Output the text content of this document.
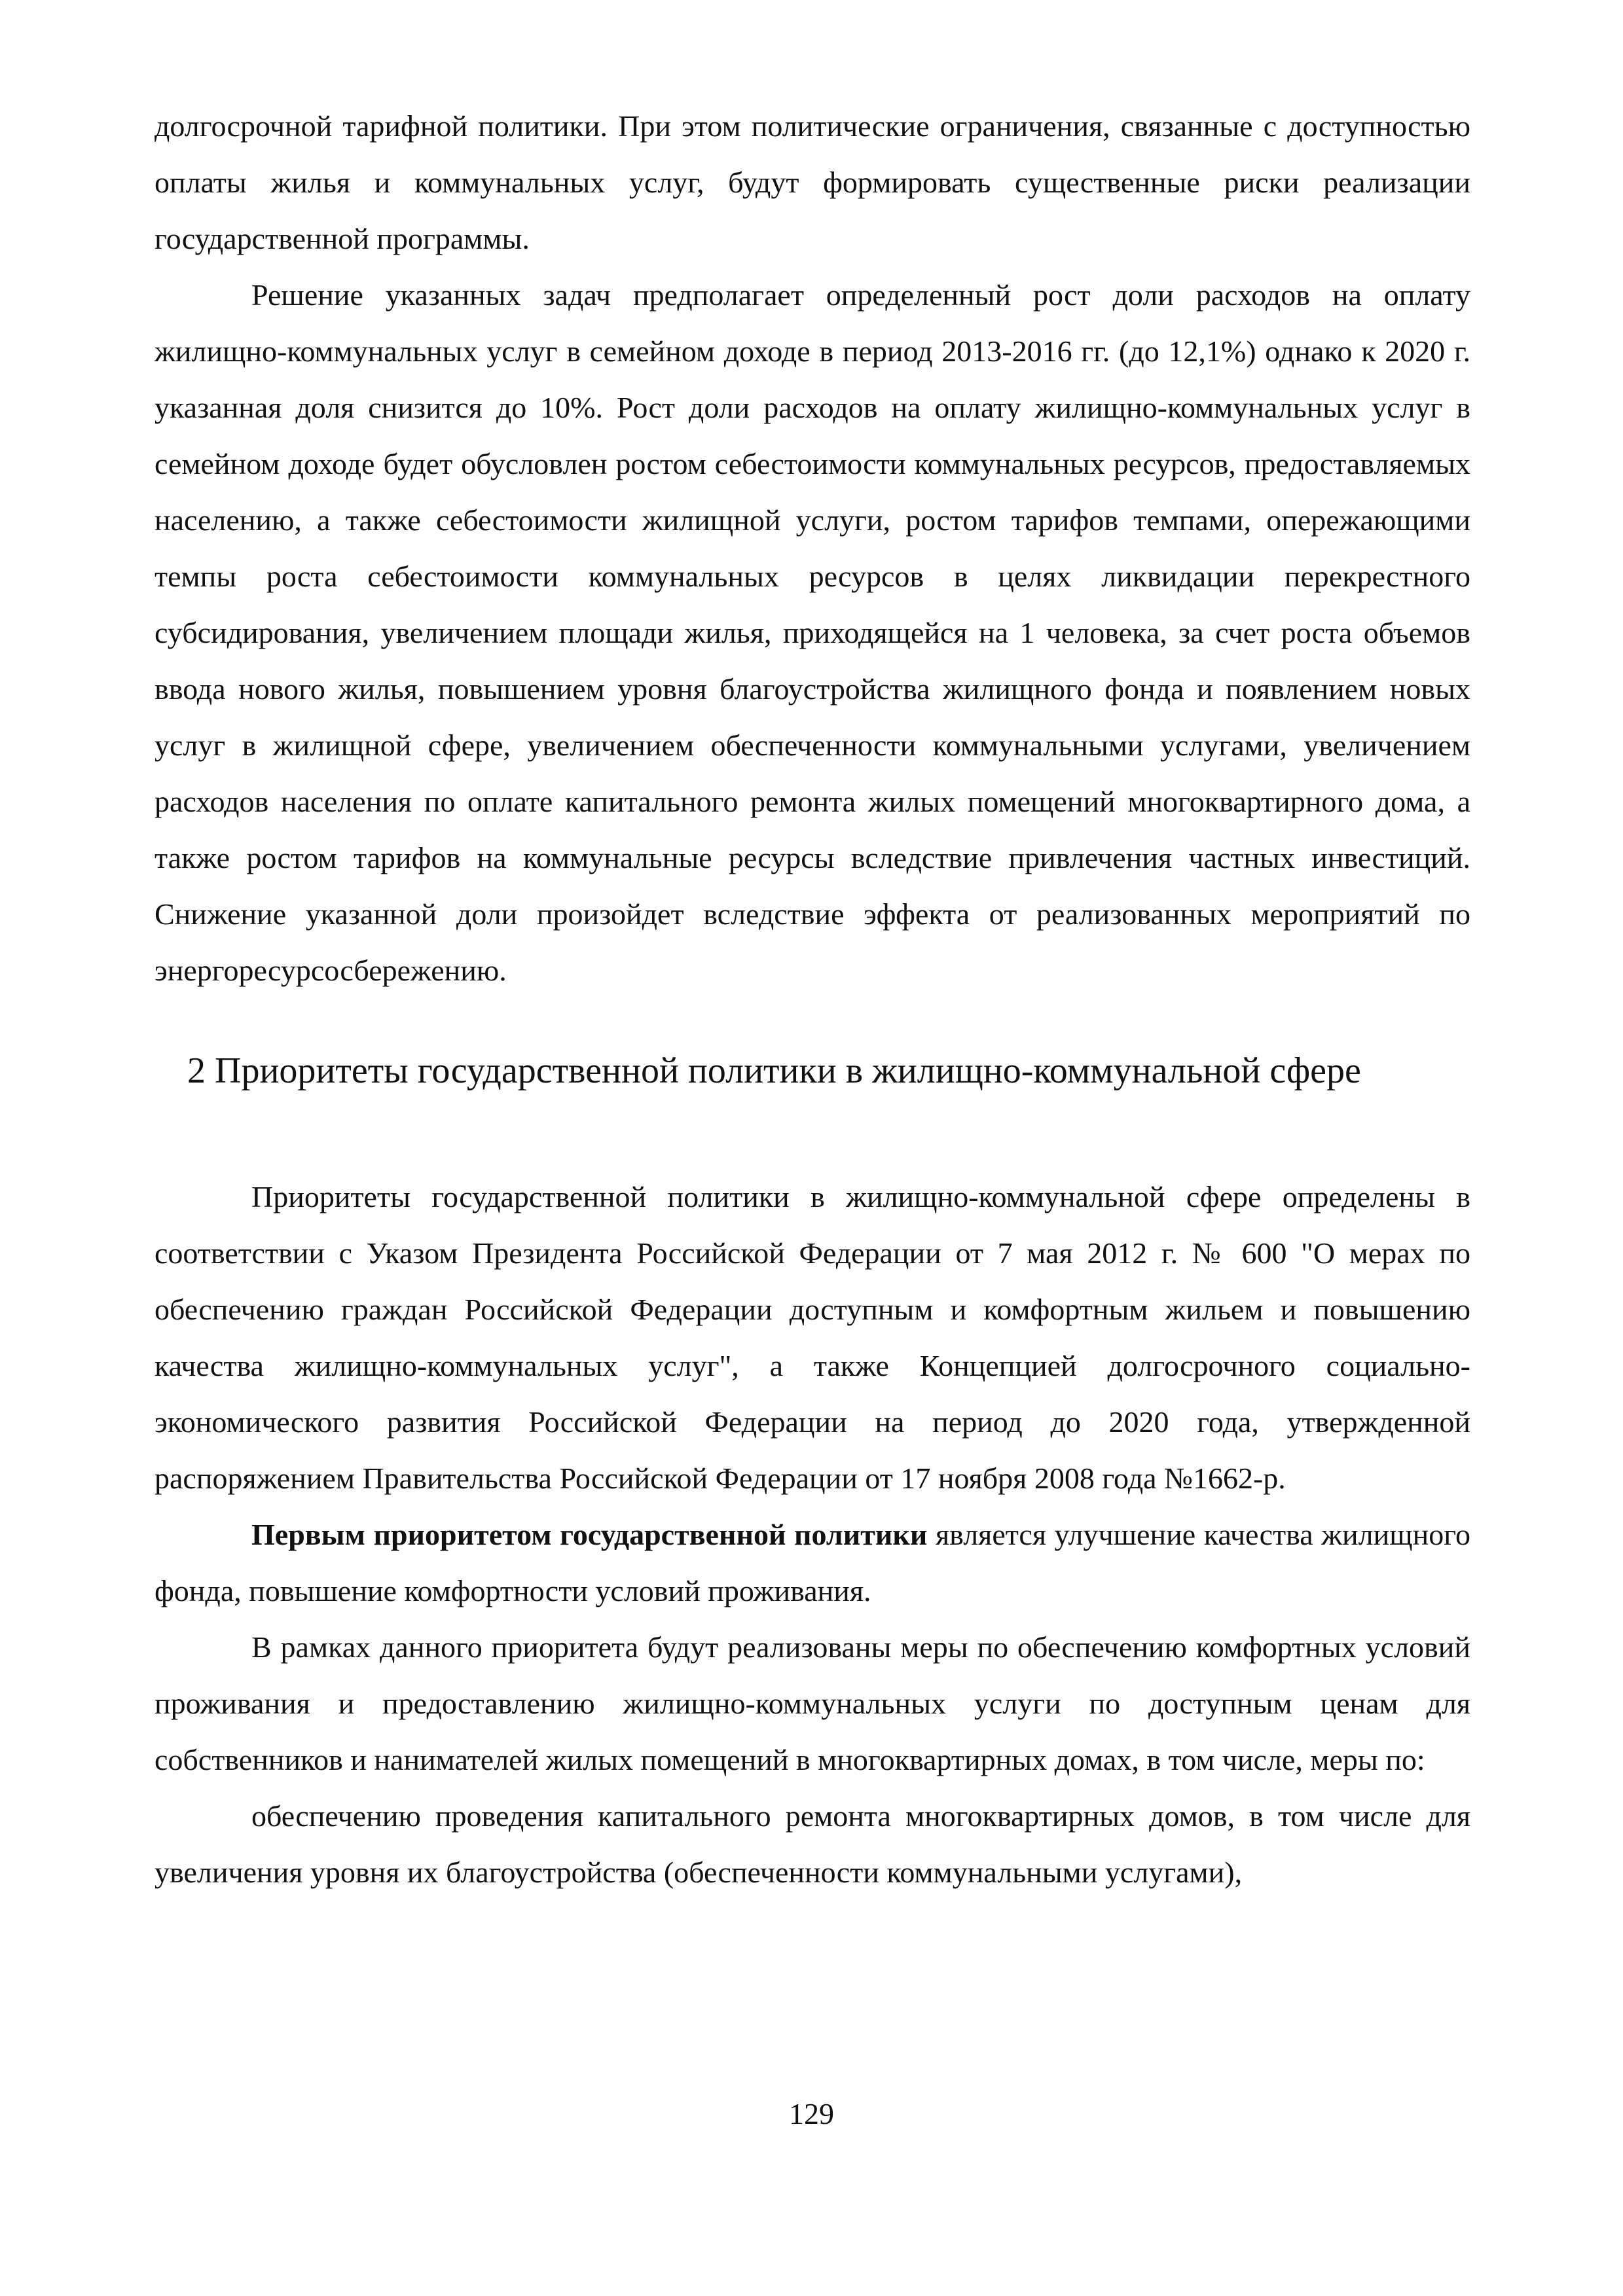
долгосрочной тарифной политики. При этом политические ограничения, связанные с доступностью оплаты жилья и коммунальных услуг, будут формировать существенные риски реализации государственной программы.

Решение указанных задач предполагает определенный рост доли расходов на оплату жилищно-коммунальных услуг в семейном доходе в период 2013-2016 гг. (до 12,1%) однако к 2020 г. указанная доля снизится до 10%. Рост доли расходов на оплату жилищно-коммунальных услуг в семейном доходе будет обусловлен ростом себестоимости коммунальных ресурсов, предоставляемых населению, а также себестоимости жилищной услуги, ростом тарифов темпами, опережающими темпы роста себестоимости коммунальных ресурсов в целях ликвидации перекрестного субсидирования, увеличением площади жилья, приходящейся на 1 человека, за счет роста объемов ввода нового жилья, повышением уровня благоустройства жилищного фонда и появлением новых услуг в жилищной сфере, увеличением обеспеченности коммунальными услугами, увеличением расходов населения по оплате капитального ремонта жилых помещений многоквартирного дома, а также ростом тарифов на коммунальные ресурсы вследствие привлечения частных инвестиций. Снижение указанной доли произойдет вследствие эффекта от реализованных мероприятий по энергоресурсосбережению.

2 Приоритеты государственной политики в жилищно-коммунальной сфере

Приоритеты государственной политики в жилищно-коммунальной сфере определены в соответствии с Указом Президента Российской Федерации от 7 мая 2012 г. № 600 "О мерах по обеспечению граждан Российской Федерации доступным и комфортным жильем и повышению качества жилищно-коммунальных услуг", а также Концепцией долгосрочного социально-экономического развития Российской Федерации на период до 2020 года, утвержденной распоряжением Правительства Российской Федерации от 17 ноября 2008 года №1662-р.

Первым приоритетом государственной политики является улучшение качества жилищного фонда, повышение комфортности условий проживания.

В рамках данного приоритета будут реализованы меры по обеспечению комфортных условий проживания и предоставлению жилищно-коммунальных услуги по доступным ценам для собственников и нанимателей жилых помещений в многоквартирных домах, в том числе, меры по:

обеспечению проведения капитального ремонта многоквартирных домов, в том числе для увеличения уровня их благоустройства (обеспеченности коммунальными услугами),

129
